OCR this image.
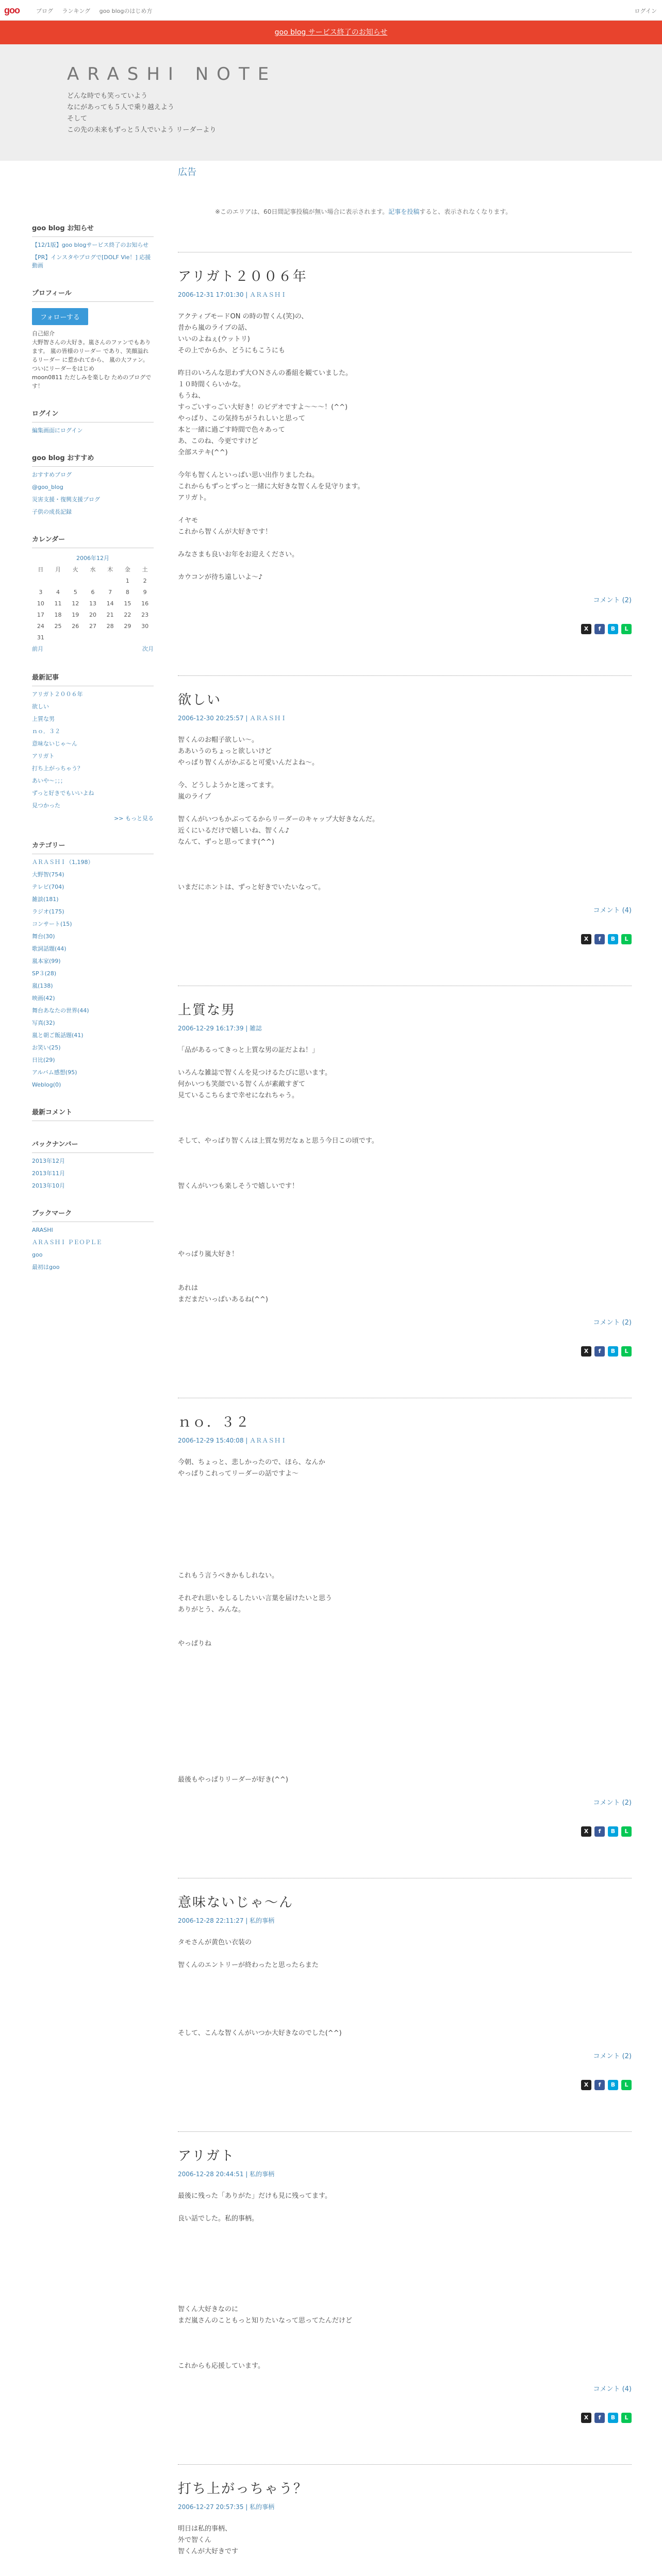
goo	ブログ ランキング goo blogのはじめ方	ログイン
goo blog サービス終了のお知らせ
ARASHI NOTE
どんな時でも笑っていよう
なにがあっても５人で乗り越えよう
そして
この先の未来もずっと５人でいよう リーダーより
goo blog お知らせ
【12/1版】goo blogサービス終了のお知らせ
【PR】インスタやブログで[DOLF Vie！] 応援動画
プロフィール
フォローする
自己紹介
大野智さんの大好き。嵐さんのファンでもあります。 嵐の皆様のリーダー であり、笑顔溢れるリーダー に惹かれてから、 嵐の大ファン。 ついにリーダーをはじめ
moon0811 ただしみを楽しむ ためのブログです！
ログイン
編集画面にログイン
goo blog おすすめ
おすすめブログ
@goo_blog
災害支援・復興支援ブログ
子供の成長記録
カレンダー
2006年12月						
日	月	火	水	木	金	土
					1	2
3	4	5	6	7	8	9
10	11	12	13	14	15	16
17	18	19	20	21	22	23
24	25	26	27	28	29	30
31						
前月				次月		
最新記事
アリガト２００６年
欲しい
上質な男
ｎｏ．３２
意味ないじゃ～ん
アリガト
打ち上がっちゃう？
あいや～；；；
ずっと好きでもいいよね
見つかった
>> もっと見る
カテゴリー
ＡＲＡＳＨＩ（1,198）
大野智(754)
テレビ(704)
雑談(181)
ラジオ(175)
コンサート(15)
舞台(30)
歌詞話題(44)
嵐本家(99)
SP３(28)
嵐(138)
映画(42)
舞台あなたの世界(44)
写真(32)
嵐と朝ご飯話題(41)
お笑い(25)
日比(29)
アルバム感想(95)
Weblog(0)
最新コメント
バックナンバー
2013年12月
2013年11月
2013年10月
ブックマーク
ARASHI
ＡＲＡＳＨＩ ＰＥＯＰＬＥ
goo
最初はgoo
広告

※このエリアは、60日間記事投稿が無い場合に表示されます。記事を投稿すると、表示されなくなります。

アリガト２００６年
2006-12-31 17:01:30 | ＡＲＡＳＨＩ
アクティブモードON の時の智くん(笑)の、
昔から嵐のライブの話、
いいのよねぇ(ウットリ)
その上でからか、どうにもこうにも

昨日のいろんな思わず大ＯＮさんの番組を観ていました。
１０時間くらいかな。
もうね、
すっごいすっごい大好き！のビデオですよ～～～！(^^)
やっぱり、この気持ちがうれしいと思って
本と一緒に過ごす時間で色々あって
あ、このね、今更ですけど
全部ステキ(^^)

今年も智くんといっぱい思い出作りましたね。
これからもずっとずっと一緒に大好きな智くんを見守ります。
アリガト。

イヤモ
これから智くんが大好きです！

みなさまも良いお年をお迎えください。

カウコンが待ち遠しいよ～♪
コメント (2)
X	f	B	L
欲しい
2006-12-30 20:25:57 | ＡＲＡＳＨＩ
智くんのお帽子欲しい～。
ああいうのちょっと欲しいけど
やっぱり智くんがかぶると可愛いんだよね～。

今、どうしようかと迷ってます。
嵐のライブ

智くんがいつもかぶってるからリーダーのキャップ大好きなんだ。
近くにいるだけで嬉しいね、智くん♪
なんて、ずっと思ってます(^^)

いまだにホントは、ずっと好きでいたいなって。
コメント (4)
X	f	B	L
上質な男
2006-12-29 16:17:39 | 雑誌
「品があるってきっと上質な男の証だよね！」

いろんな雑誌で智くんを見つけるたびに思います。
何かいつも笑顔でいる智くんが素敵すぎて
見ているこちらまで幸せになれちゃう。

そして、やっぱり智くんは上質な男だなぁと思う今日この頃です。

智くんがいつも楽しそうで嬉しいです！

やっぱり嵐大好き！

あれは
まだまだいっぱいあるね(^^)
コメント (2)
X	f	B	L
ｎｏ．３２
2006-12-29 15:40:08 | ＡＲＡＳＨＩ
今朝、ちょっと、悲しかったので、ほら、なんか
やっぱりこれってリーダーの話ですよ～

これもう言うべきかもしれない。

それぞれ思いをしるしたいい言葉を届けたいと思う
ありがとう、みんな。

やっぱりね

最後もやっぱりリーダーが好き(^^)
コメント (2)
X	f	B	L
意味ないじゃ～ん
2006-12-28 22:11:27 | 私的事柄
タモさんが黄色い衣装の

智くんのエントリーが終わったと思ったらまた

そして、こんな智くんがいつか大好きなのでした(^^)
コメント (2)
X	f	B	L
アリガト
2006-12-28 20:44:51 | 私的事柄
最後に残った「ありがた」だけも見に残ってます。

良い話でした。私的事柄。

智くん大好きなのに
まだ嵐さんのこともっと知りたいなって思ってたんだけど

これからも応援しています。
コメント (4)
X	f	B	L
打ち上がっちゃう？
2006-12-27 20:57:35 | 私的事柄
明日は私的事柄、
外で智くん
智くんが大好きです
